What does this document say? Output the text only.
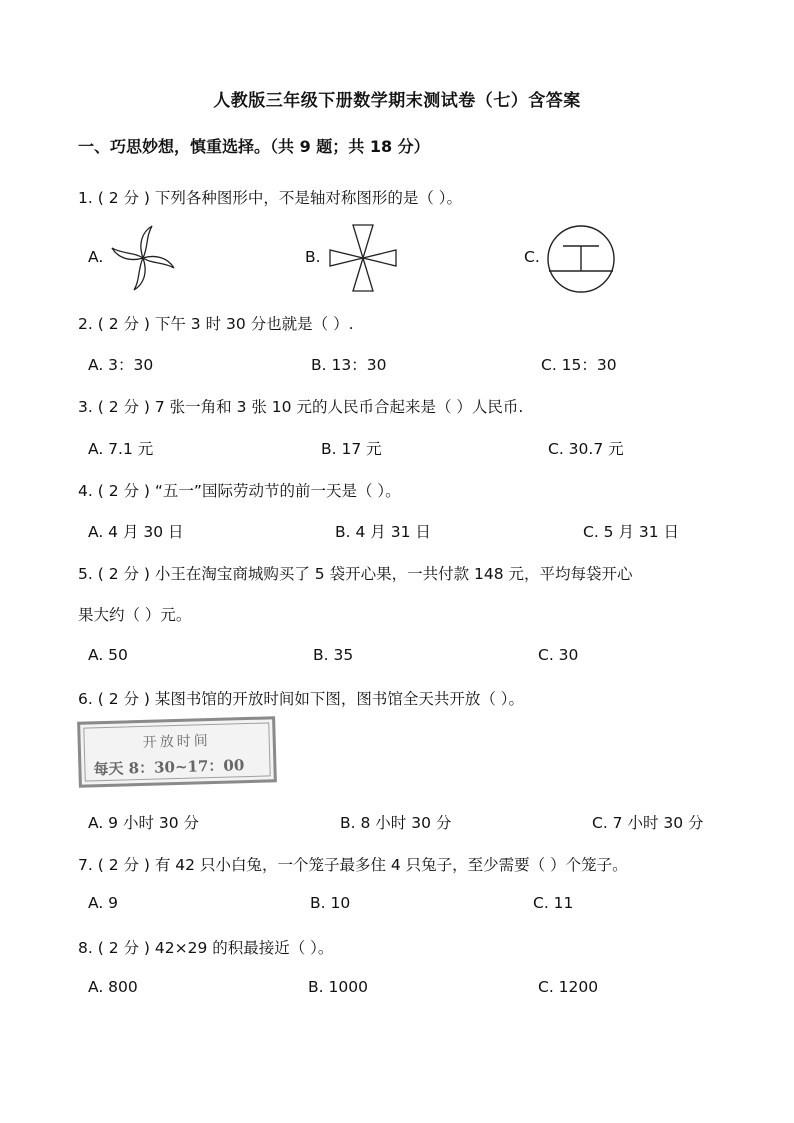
人教版三年级下册数学期末测试卷（七）含答案
一、巧思妙想，慎重选择。（共 9 题；共 18 分）
1. ( 2 分 ) 下列各种图形中，不是轴对称图形的是（ ）。
A.	B.	C.
2. ( 2 分 ) 下午 3 时 30 分也就是（ ）.
A. 3：30	B. 13：30	C. 15：30
3. ( 2 分 ) 7 张一角和 3 张 10 元的人民币合起来是（ ）人民币.
A. 7.1 元	B. 17 元	C. 30.7 元
4. ( 2 分 ) “五一”国际劳动节的前一天是（ ）。
A. 4 月 30 日	B. 4 月 31 日	C. 5 月 31 日
5. ( 2 分 ) 小王在淘宝商城购买了 5 袋开心果，一共付款 148 元，平均每袋开心
果大约（ ）元。
A. 50	B. 35	C. 30
6. ( 2 分 ) 某图书馆的开放时间如下图，图书馆全天共开放（ ）。
开放时间
每天 8：30~17：00
A. 9 小时 30 分	B. 8 小时 30 分	C. 7 小时 30 分
7. ( 2 分 ) 有 42 只小白兔，一个笼子最多住 4 只兔子，至少需要（ ）个笼子。
A. 9	B. 10	C. 11
8. ( 2 分 ) 42×29 的积最接近（ ）。
A. 800	B. 1000	C. 1200
